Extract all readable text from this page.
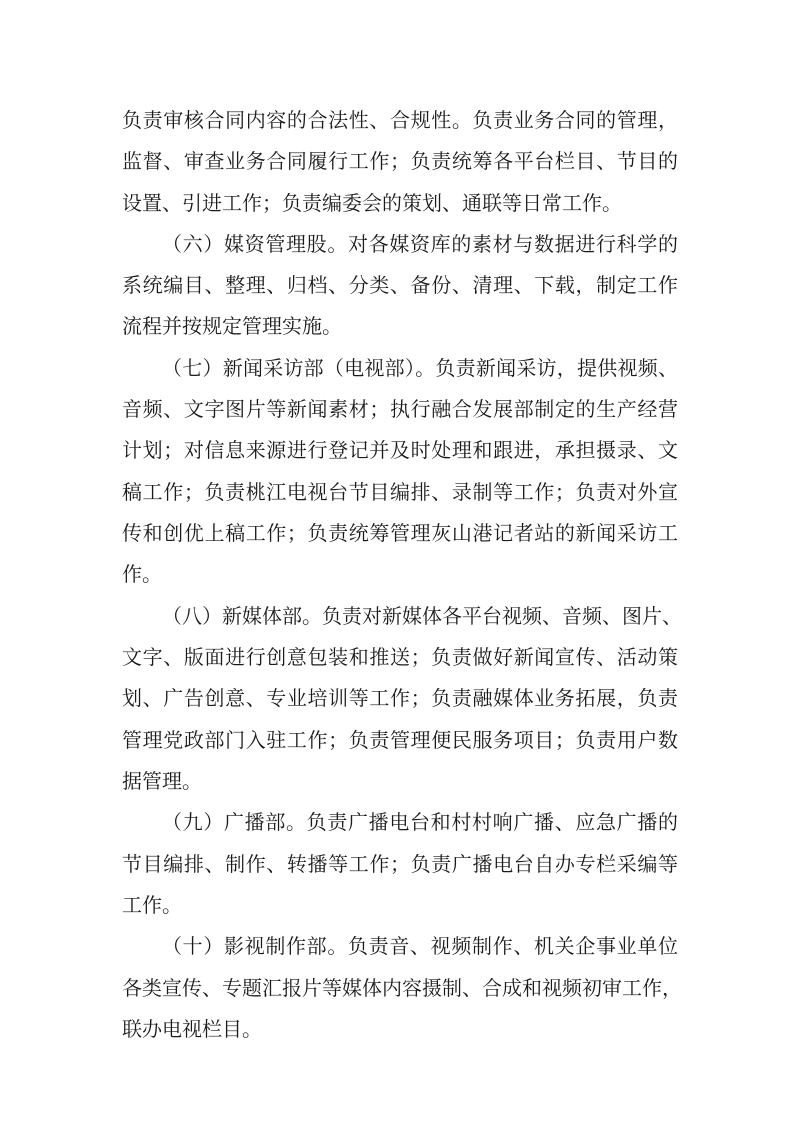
负责审核合同内容的合法性、合规性。负责业务合同的管理，

监督、审查业务合同履行工作；负责统筹各平台栏目、节目的

设置、引进工作；负责编委会的策划、通联等日常工作。

（六）媒资管理股。对各媒资库的素材与数据进行科学的

系统编目、整理、归档、分类、备份、清理、下载，制定工作

流程并按规定管理实施。

（七）新闻采访部（电视部）。负责新闻采访，提供视频、

音频、文字图片等新闻素材；执行融合发展部制定的生产经营

计划；对信息来源进行登记并及时处理和跟进，承担摄录、文

稿工作；负责桃江电视台节目编排、录制等工作；负责对外宣

传和创优上稿工作；负责统筹管理灰山港记者站的新闻采访工

作。

（八）新媒体部。负责对新媒体各平台视频、音频、图片、

文字、版面进行创意包装和推送；负责做好新闻宣传、活动策

划、广告创意、专业培训等工作；负责融媒体业务拓展，负责

管理党政部门入驻工作；负责管理便民服务项目；负责用户数

据管理。

（九）广播部。负责广播电台和村村响广播、应急广播的

节目编排、制作、转播等工作；负责广播电台自办专栏采编等

工作。

（十）影视制作部。负责音、视频制作、机关企事业单位

各类宣传、专题汇报片等媒体内容摄制、合成和视频初审工作，

联办电视栏目。
